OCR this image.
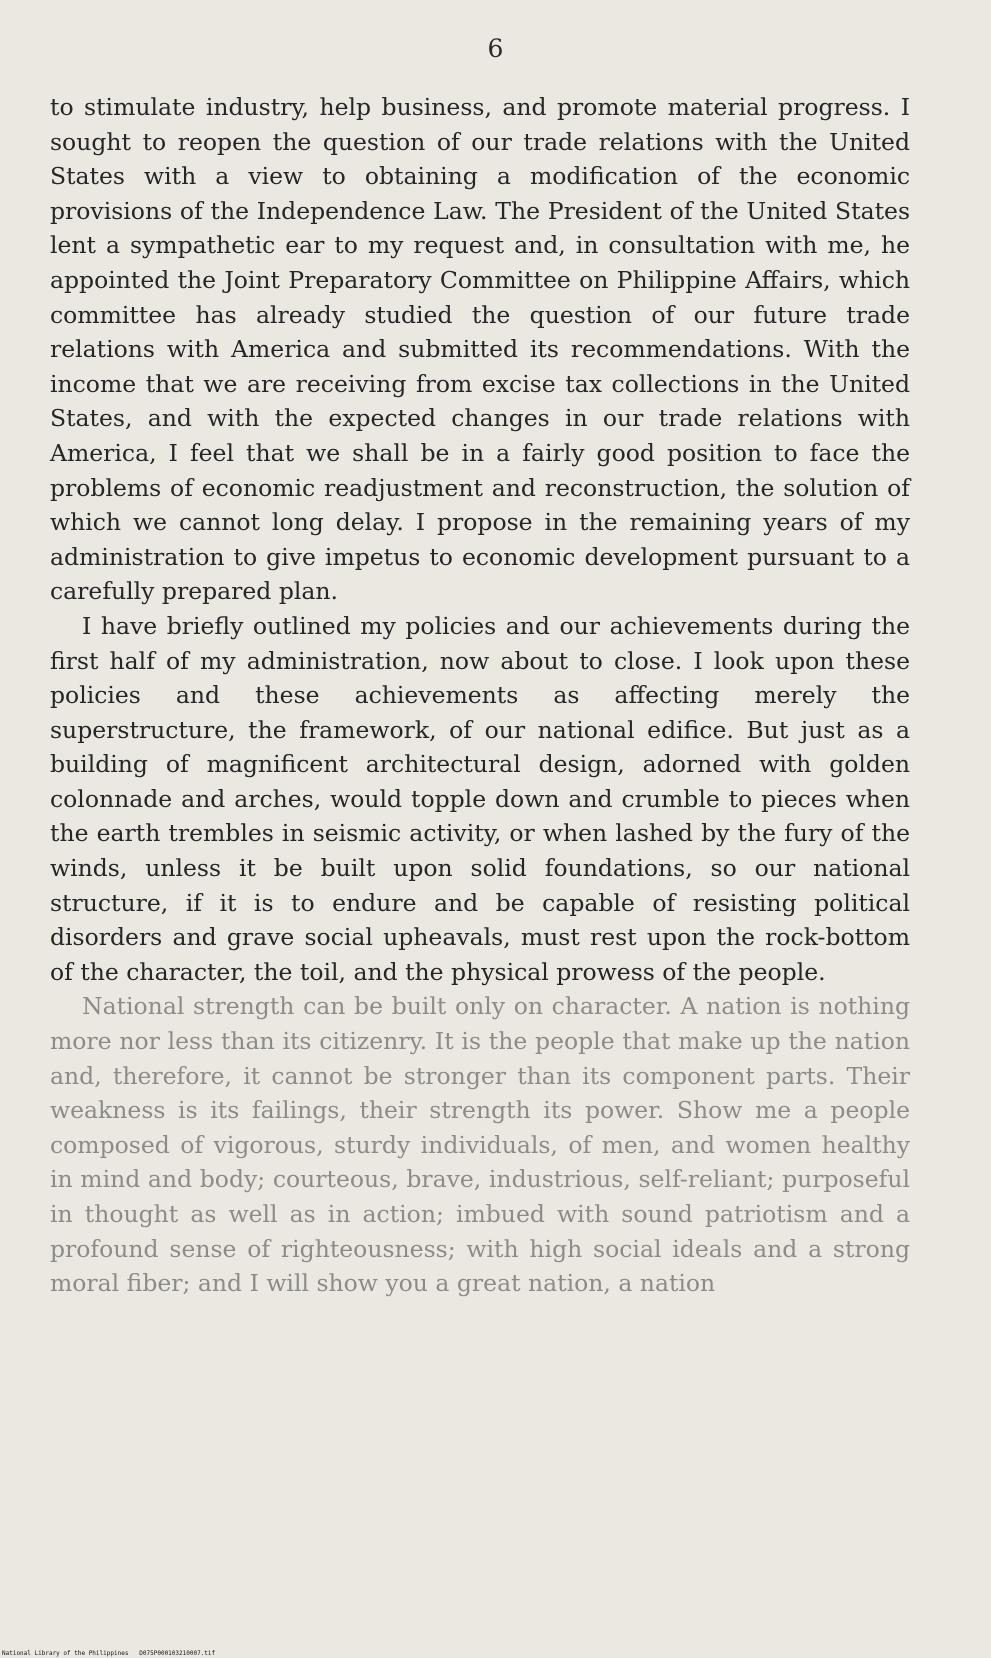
6

to stimulate industry, help business, and promote material progress. I sought to reopen the question of our trade relations with the United States with a view to obtaining a modification of the economic provisions of the Independence Law. The President of the United States lent a sympathetic ear to my request and, in consultation with me, he appointed the Joint Preparatory Committee on Philippine Affairs, which committee has already studied the question of our future trade relations with America and submitted its recommendations. With the income that we are receiving from excise tax collections in the United States, and with the expected changes in our trade relations with America, I feel that we shall be in a fairly good position to face the problems of economic readjustment and reconstruction, the solution of which we cannot long delay. I propose in the remaining years of my administration to give impetus to economic development pursuant to a carefully prepared plan.

I have briefly outlined my policies and our achievements during the first half of my administration, now about to close. I look upon these policies and these achievements as affecting merely the superstructure, the framework, of our national edifice. But just as a building of magnificent architectural design, adorned with golden colonnade and arches, would topple down and crumble to pieces when the earth trembles in seismic activity, or when lashed by the fury of the winds, unless it be built upon solid foundations, so our national structure, if it is to endure and be capable of resisting political disorders and grave social upheavals, must rest upon the rock-bottom of the character, the toil, and the physical prowess of the people.

National strength can be built only on character. A nation is nothing more nor less than its citizenry. It is the people that make up the nation and, therefore, it cannot be stronger than its component parts. Their weakness is its failings, their strength its power. Show me a people composed of vigorous, sturdy individuals, of men, and women healthy in mind and body; courteous, brave, industrious, self-reliant; purposeful in thought as well as in action; imbued with sound patriotism and a profound sense of righteousness; with high social ideals and a strong moral fiber; and I will show you a great nation, a nation

National Library of the Philippines D075P000103210007.tif
